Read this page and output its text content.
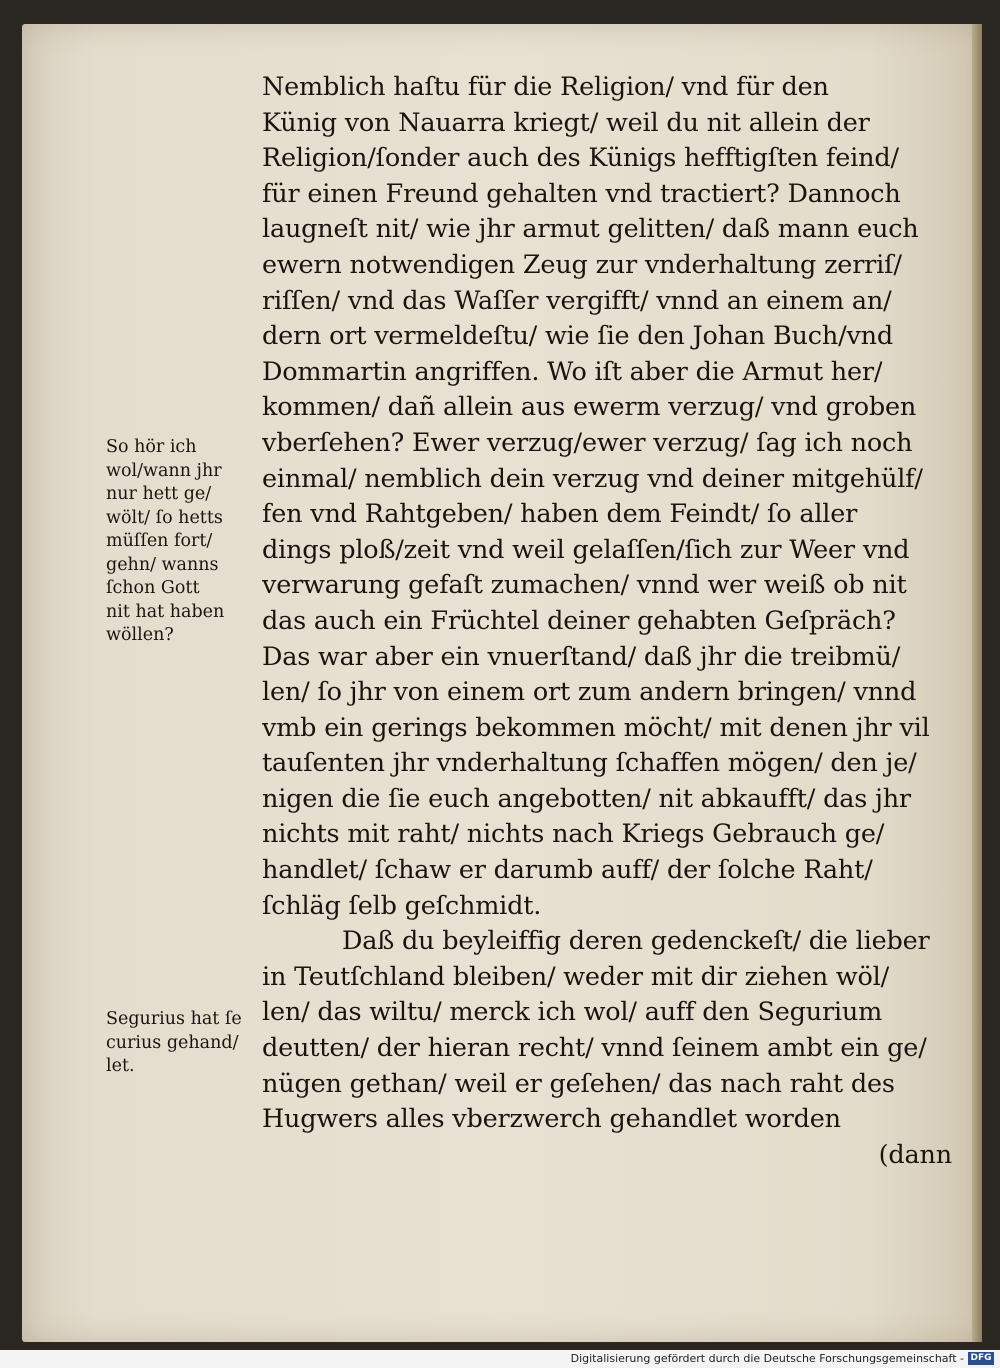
Nemblich haſtu für die Religion/ vnd für den
Künig von Nauarra kriegt/ weil du nit allein der
Religion/ſonder auch des Künigs hefftigſten feind/
für einen Freund gehalten vnd tractiert? Dannoch
laugneſt nit/ wie jhr armut gelitten/ daß mann euch
ewern notwendigen Zeug zur vnderhaltung zerriſ/
riſſen/ vnd das Waſſer vergifft/ vnnd an einem an/
dern ort vermeldeſtu/ wie ſie den Johan Buch/vnd
Dommartin angriffen. Wo iſt aber die Armut her/
kommen/ dañ allein aus ewerm verzug/ vnd groben
vberſehen? Ewer verzug/ewer verzug/ ſag ich noch
einmal/ nemblich dein verzug vnd deiner mitgehülf/
fen vnd Rahtgeben/ haben dem Feindt/ ſo aller
dings ploß/zeit vnd weil gelaſſen/ſich zur Weer vnd
verwarung gefaſt zumachen/ vnnd wer weiß ob nit
das auch ein Früchtel deiner gehabten Geſpräch?
Das war aber ein vnuerſtand/ daß jhr die treibmü/
len/ ſo jhr von einem ort zum andern bringen/ vnnd
vmb ein gerings bekommen möcht/ mit denen jhr vil
tauſenten jhr vnderhaltung ſchaffen mögen/ den je/
nigen die ſie euch angebotten/ nit abkaufft/ das jhr
nichts mit raht/ nichts nach Kriegs Gebrauch ge/
handlet/ ſchaw er darumb auff/ der ſolche Raht/
ſchläg ſelb geſchmidt.
Daß du beyleiffig deren gedenckeſt/ die lieber
in Teutſchland bleiben/ weder mit dir ziehen wöl/
len/ das wiltu/ merck ich wol/ auff den Segurium
deutten/ der hieran recht/ vnnd ſeinem ambt ein ge/
nügen gethan/ weil er geſehen/ das nach raht des
Hugwers alles vberzwerch gehandlet worden
(dann
So hör ich
wol/wann jhr
nur hett ge/
wölt/ ſo hetts
müſſen fort/
gehn/ wanns
ſchon Gott
nit hat haben
wöllen?
Segurius hat ſe
curius gehand/
let.
Digitalisierung gefördert durch die Deutsche Forschungsgemeinschaft - DFG
